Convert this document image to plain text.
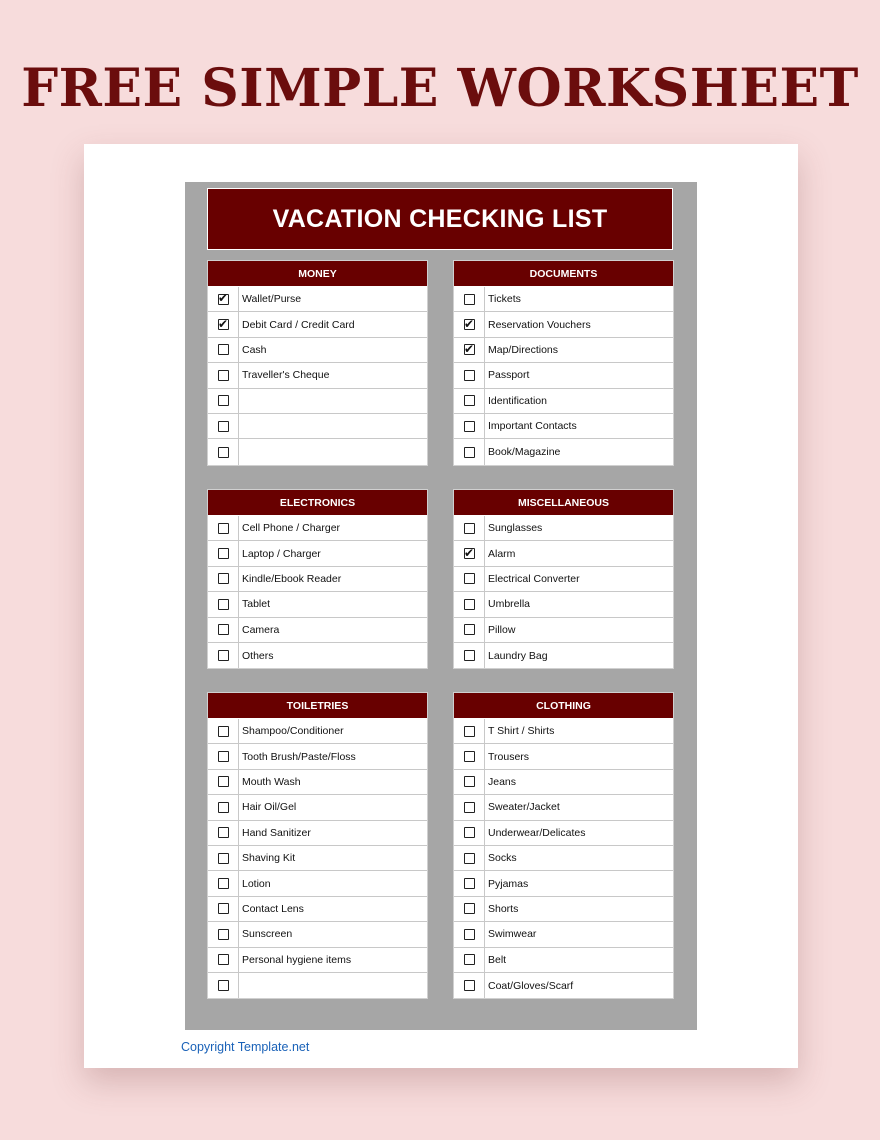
FREE SIMPLE WORKSHEET
VACATION CHECKING LIST
MONEY
✔
Wallet/Purse
✔
Debit Card / Credit Card
Cash
Traveller's Cheque
DOCUMENTS
Tickets
✔
Reservation Vouchers
✔
Map/Directions
Passport
Identification
Important Contacts
Book/Magazine
ELECTRONICS
Cell Phone / Charger
Laptop / Charger
Kindle/Ebook Reader
Tablet
Camera
Others
MISCELLANEOUS
Sunglasses
✔
Alarm
Electrical Converter
Umbrella
Pillow
Laundry Bag
TOILETRIES
Shampoo/Conditioner
Tooth Brush/Paste/Floss
Mouth Wash
Hair Oil/Gel
Hand Sanitizer
Shaving Kit
Lotion
Contact Lens
Sunscreen
Personal hygiene items
CLOTHING
T Shirt / Shirts
Trousers
Jeans
Sweater/Jacket
Underwear/Delicates
Socks
Pyjamas
Shorts
Swimwear
Belt
Coat/Gloves/Scarf
Copyright Template.net
